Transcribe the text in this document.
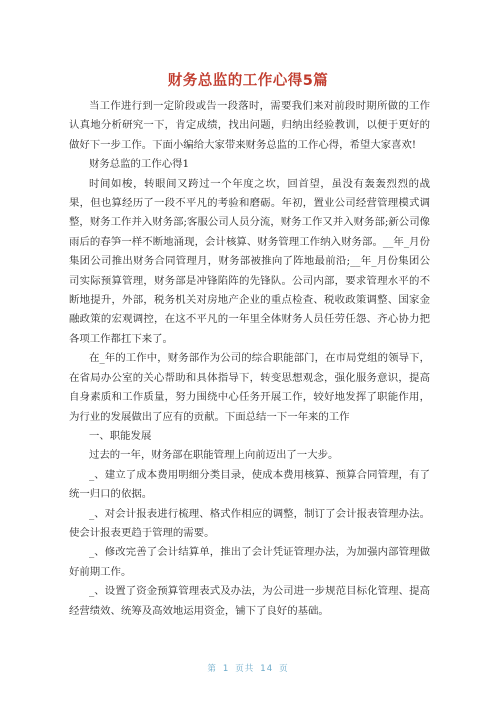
财务总监的工作心得5篇

当工作进行到一定阶段或告一段落时，需要我们来对前段时期所做的工作认真地分析研究一下，肯定成绩，找出问题，归纳出经验教训，以便于更好的做好下一步工作。下面小编给大家带来财务总监的工作心得，希望大家喜欢!

财务总监的工作心得1

时间如梭，转眼间又跨过一个年度之坎，回首望，虽没有轰轰烈烈的战果，但也算经历了一段不平凡的考验和磨砺。年初，置业公司经营管理模式调整，财务工作并入财务部;客服公司人员分流，财务工作又并入财务部;新公司像雨后的春笋一样不断地涌现，会计核算、财务管理工作纳入财务部。__年_月份集团公司推出财务合同管理月，财务部被推向了阵地最前沿;__年_月份集团公司实际预算管理，财务部是冲锋陷阵的先锋队。公司内部，要求管理水平的不断地提升，外部，税务机关对房地产企业的重点检查、税收政策调整、国家金融政策的宏观调控，在这不平凡的一年里全体财务人员任劳任怨、齐心协力把各项工作都扛下来了。

在_年的工作中，财务部作为公司的综合职能部门，在市局党组的领导下，在省局办公室的关心帮助和具体指导下，转变思想观念，强化服务意识，提高自身素质和工作质量，努力围绕中心任务开展工作，较好地发挥了职能作用，为行业的发展做出了应有的贡献。下面总结一下一年来的工作

一、职能发展

过去的一年，财务部在职能管理上向前迈出了一大步。

_、建立了成本费用明细分类目录，使成本费用核算、预算合同管理，有了统一归口的依据。

_、对会计报表进行梳理、格式作相应的调整，制订了会计报表管理办法。使会计报表更趋于管理的需要。

_、修改完善了会计结算单，推出了会计凭证管理办法，为加强内部管理做好前期工作。

_、设置了资金预算管理表式及办法，为公司进一步规范目标化管理、提高经营绩效、统筹及高效地运用资金，铺下了良好的基础。

第 1 页共 14 页
